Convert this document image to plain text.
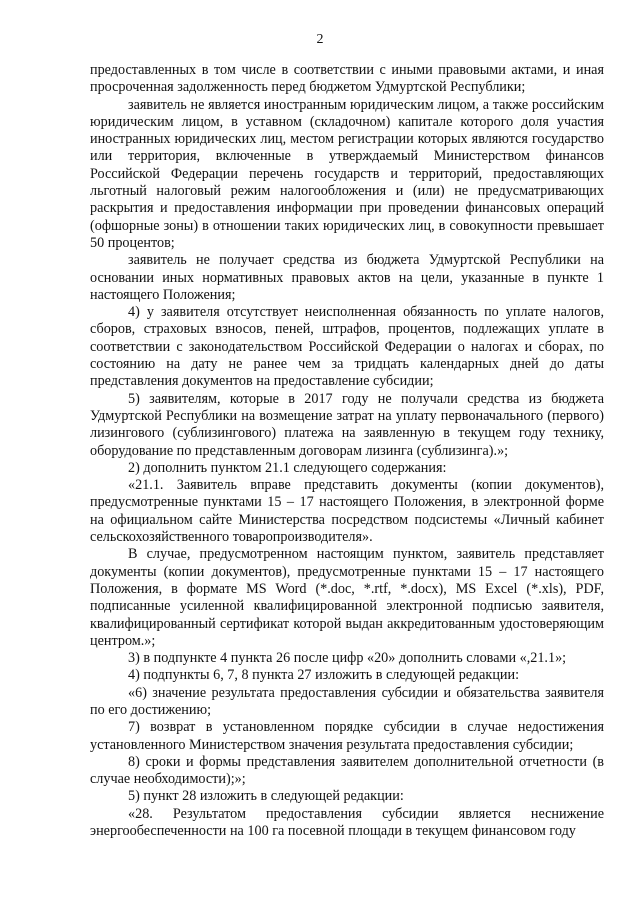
2

предоставленных в том числе в соответствии с иными правовыми актами, и иная просроченная задолженность перед бюджетом Удмуртской Республики;

заявитель не является иностранным юридическим лицом, а также российским юридическим лицом, в уставном (складочном) капитале которого доля участия иностранных юридических лиц, местом регистрации которых являются государство или территория, включенные в утверждаемый Министерством финансов Российской Федерации перечень государств и территорий, предоставляющих льготный налоговый режим налогообложения и (или) не предусматривающих раскрытия и предоставления информации при проведении финансовых операций (офшорные зоны) в отношении таких юридических лиц, в совокупности превышает 50 процентов;

заявитель не получает средства из бюджета Удмуртской Республики на основании иных нормативных правовых актов на цели, указанные в пункте 1 настоящего Положения;

4) у заявителя отсутствует неисполненная обязанность по уплате налогов, сборов, страховых взносов, пеней, штрафов, процентов, подлежащих уплате в соответствии с законодательством Российской Федерации о налогах и сборах, по состоянию на дату не ранее чем за тридцать календарных дней до даты представления документов на предоставление субсидии;

5) заявителям, которые в 2017 году не получали средства из бюджета Удмуртской Республики на возмещение затрат на уплату первоначального (первого) лизингового (сублизингового) платежа на заявленную в текущем году технику, оборудование по представленным договорам лизинга (сублизинга).»;

2) дополнить пунктом 21.1 следующего содержания:

«21.1. Заявитель вправе представить документы (копии документов), предусмотренные пунктами 15 – 17 настоящего Положения, в электронной форме на официальном сайте Министерства посредством подсистемы «Личный кабинет сельскохозяйственного товаропроизводителя».

В случае, предусмотренном настоящим пунктом, заявитель представляет документы (копии документов), предусмотренные пунктами 15 – 17 настоящего Положения, в формате MS Word (*.doc, *.rtf, *.docx), MS Excel (*.xls), PDF, подписанные усиленной квалифицированной электронной подписью заявителя, квалифицированный сертификат которой выдан аккредитованным удостоверяющим центром.»;

3) в подпункте 4 пункта 26 после цифр «20» дополнить словами «,21.1»;

4) подпункты 6, 7, 8 пункта 27 изложить в следующей редакции:

«6) значение результата предоставления субсидии и обязательства заявителя по его достижению;

7) возврат в установленном порядке субсидии в случае недостижения установленного Министерством значения результата предоставления субсидии;

8) сроки и формы представления заявителем дополнительной отчетности (в случае необходимости);»;

5) пункт 28 изложить в следующей редакции:

«28. Результатом предоставления субсидии является неснижение энергообеспеченности на 100 га посевной площади в текущем финансовом году
